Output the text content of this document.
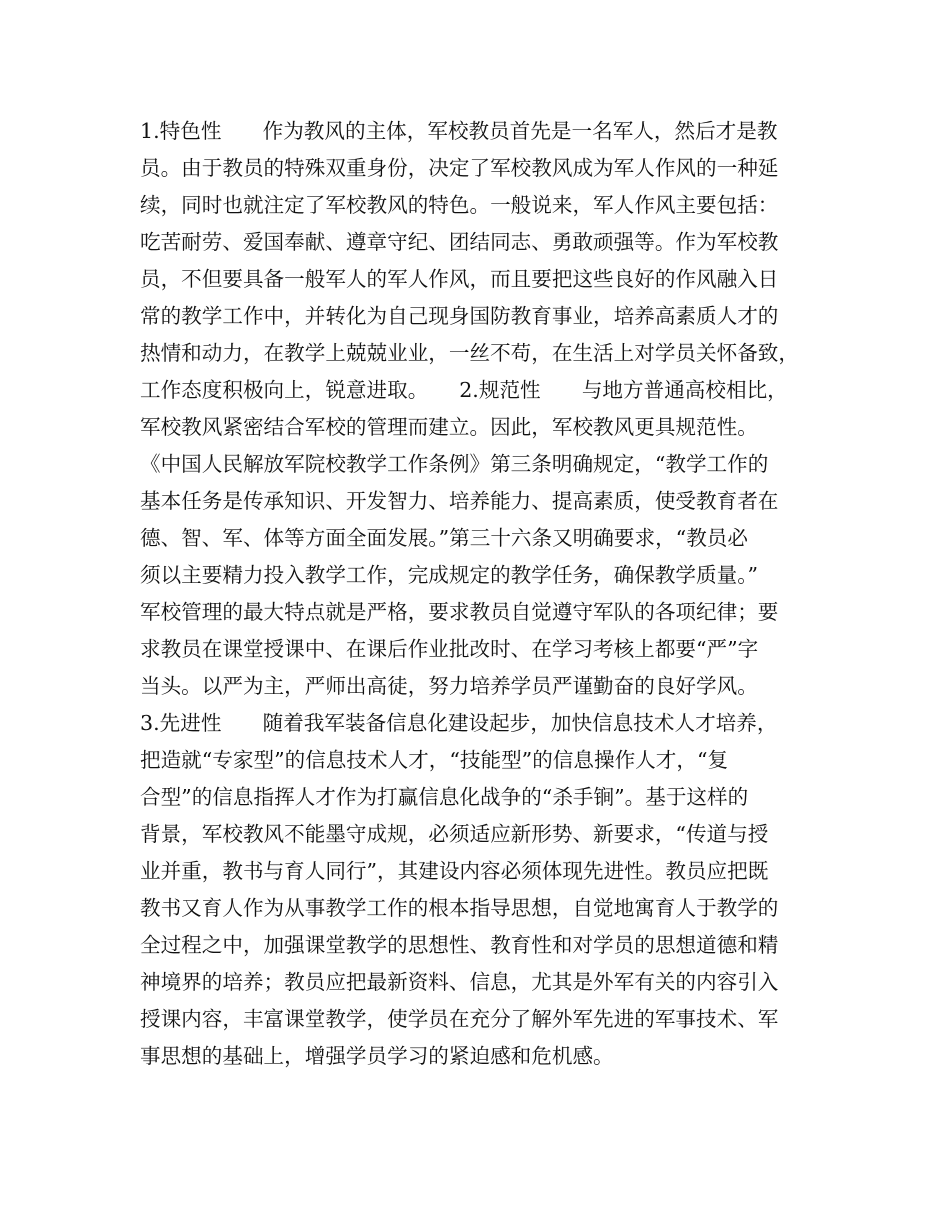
1.特色性　　作为教风的主体，军校教员首先是一名军人，然后才是教
员。由于教员的特殊双重身份，决定了军校教风成为军人作风的一种延
续，同时也就注定了军校教风的特色。一般说来，军人作风主要包括：
吃苦耐劳、爱国奉献、遵章守纪、团结同志、勇敢顽强等。作为军校教
员，不但要具备一般军人的军人作风，而且要把这些良好的作风融入日
常的教学工作中，并转化为自己现身国防教育事业，培养高素质人才的
热情和动力，在教学上兢兢业业，一丝不苟，在生活上对学员关怀备致，
工作态度积极向上，锐意进取。　　2.规范性　　与地方普通高校相比，
军校教风紧密结合军校的管理而建立。因此，军校教风更具规范性。
《中国人民解放军院校教学工作条例》第三条明确规定，“教学工作的
基本任务是传承知识、开发智力、培养能力、提高素质，使受教育者在
德、智、军、体等方面全面发展。”第三十六条又明确要求，“教员必
须以主要精力投入教学工作，完成规定的教学任务，确保教学质量。”
军校管理的最大特点就是严格，要求教员自觉遵守军队的各项纪律；要
求教员在课堂授课中、在课后作业批改时、在学习考核上都要“严”字
当头。以严为主，严师出高徒，努力培养学员严谨勤奋的良好学风。
3.先进性　　随着我军装备信息化建设起步，加快信息技术人才培养，
把造就“专家型”的信息技术人才，“技能型”的信息操作人才，“复
合型”的信息指挥人才作为打赢信息化战争的“杀手锏”。基于这样的
背景，军校教风不能墨守成规，必须适应新形势、新要求，“传道与授
业并重，教书与育人同行”，其建设内容必须体现先进性。教员应把既
教书又育人作为从事教学工作的根本指导思想，自觉地寓育人于教学的
全过程之中，加强课堂教学的思想性、教育性和对学员的思想道德和精
神境界的培养；教员应把最新资料、信息，尤其是外军有关的内容引入
授课内容，丰富课堂教学，使学员在充分了解外军先进的军事技术、军
事思想的基础上，增强学员学习的紧迫感和危机感。
